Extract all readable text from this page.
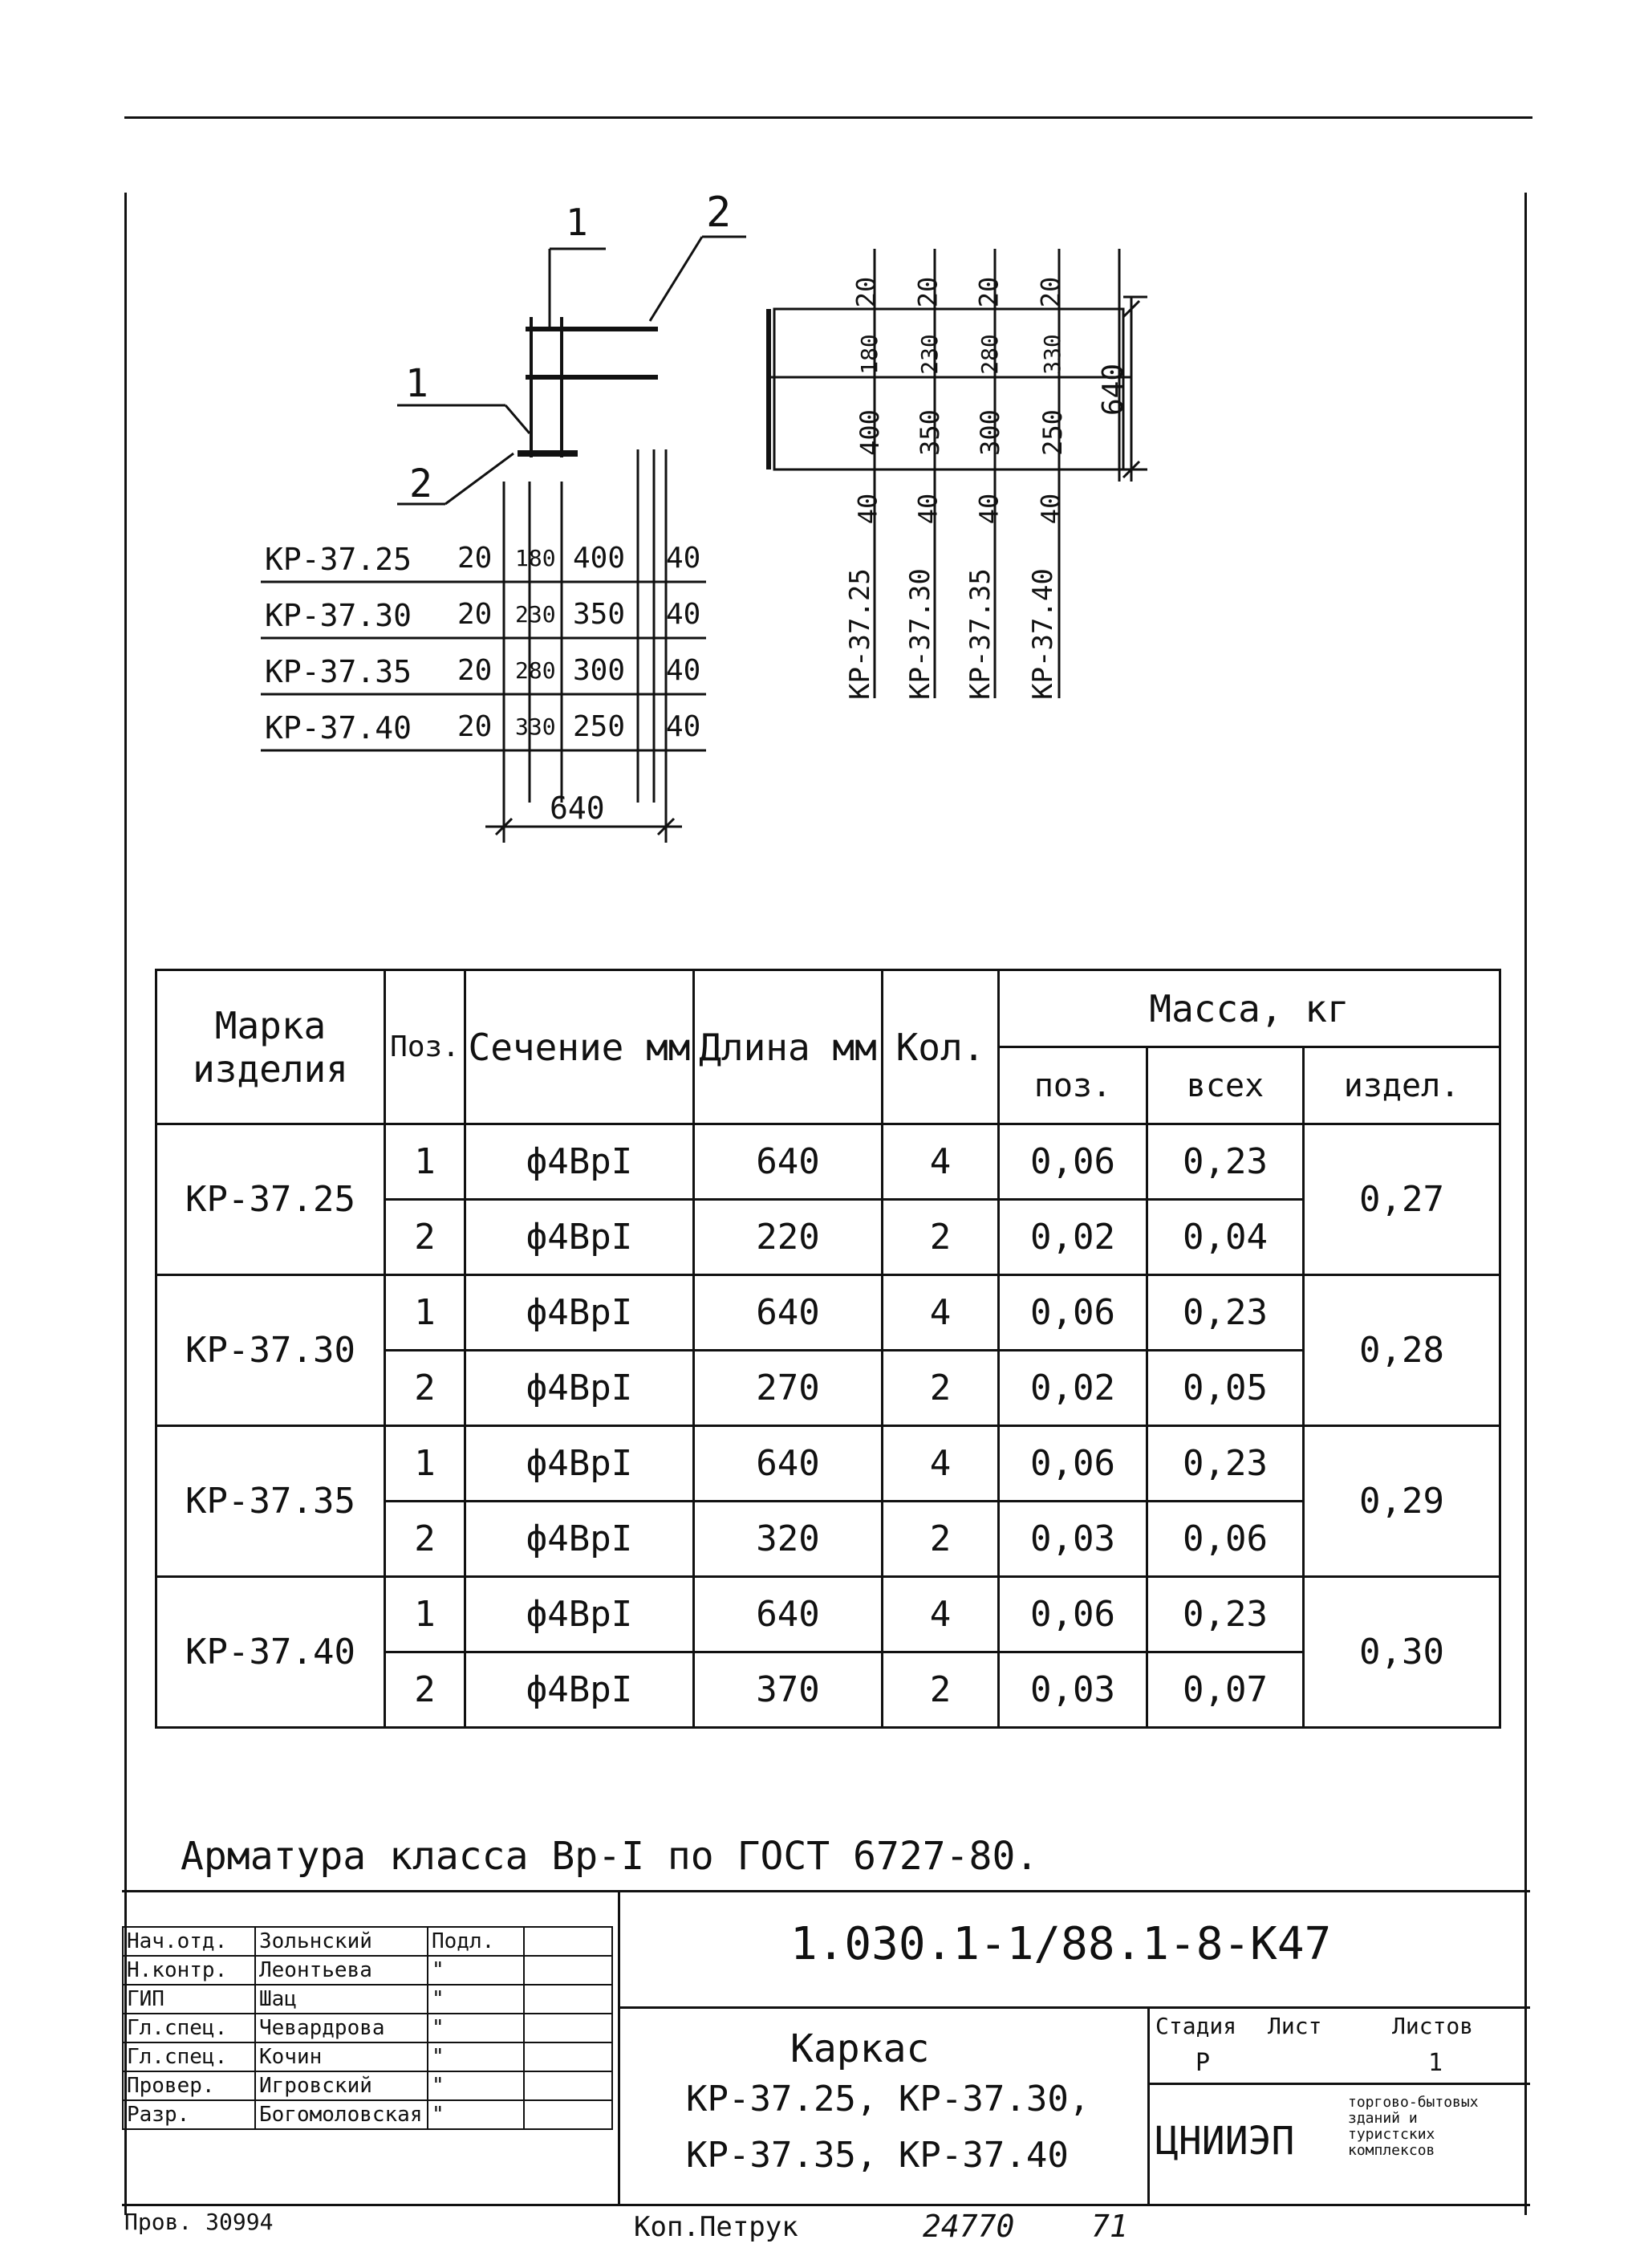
1	2
1
2
КР-37.25 20 180 400 40
КР-37.30 20 230 350 40
КР-37.35 20 280 300 40
КР-37.40 20 330 250 40
640
20
180
400
40
КР-37.25
20
230
350
40
КР-37.30
20
280
300
40
КР-37.35
20
330
250
40
КР-37.40
640
Марка изделия	Поз.	Сечение мм	Длина мм	Кол.	Масса, кг		
					поз.	всех	издел.
КР-37.25	1	ф4ВрI	640	4	0,06	0,23	0,27
	2	ф4ВрI	220	2	0,02	0,04	
КР-37.30	1	ф4ВрI	640	4	0,06	0,23	0,28
	2	ф4ВрI	270	2	0,02	0,05	
КР-37.35	1	ф4ВрI	640	4	0,06	0,23	0,29
	2	ф4ВрI	320	2	0,03	0,06	
КР-37.40	1	ф4ВрI	640	4	0,06	0,23	0,30
	2	ф4ВрI	370	2	0,03	0,07	
Арматура класса Вр-I по ГОСТ 6727-80.
1.030.1-1/88.1-8-К47
Каркас
КР-37.25, КР-37.30,
КР-37.35, КР-37.40
Стадия Лист	Листов
Р	1
ЦНИИЭП
торгово-бытовых зданий и туристских комплексов
Нач.отд.	Зольнский	Подл.	
Н.контр.	Леонтьева	"	
ГИП	Шац	"	
Гл.спец.	Чевардрова	"	
Гл.спец.	Кочин	"	
Провер.	Игровский	"	
Разр.	Богомоловская	"	
Пров. 30994	Коп.Петрук	24770	71
